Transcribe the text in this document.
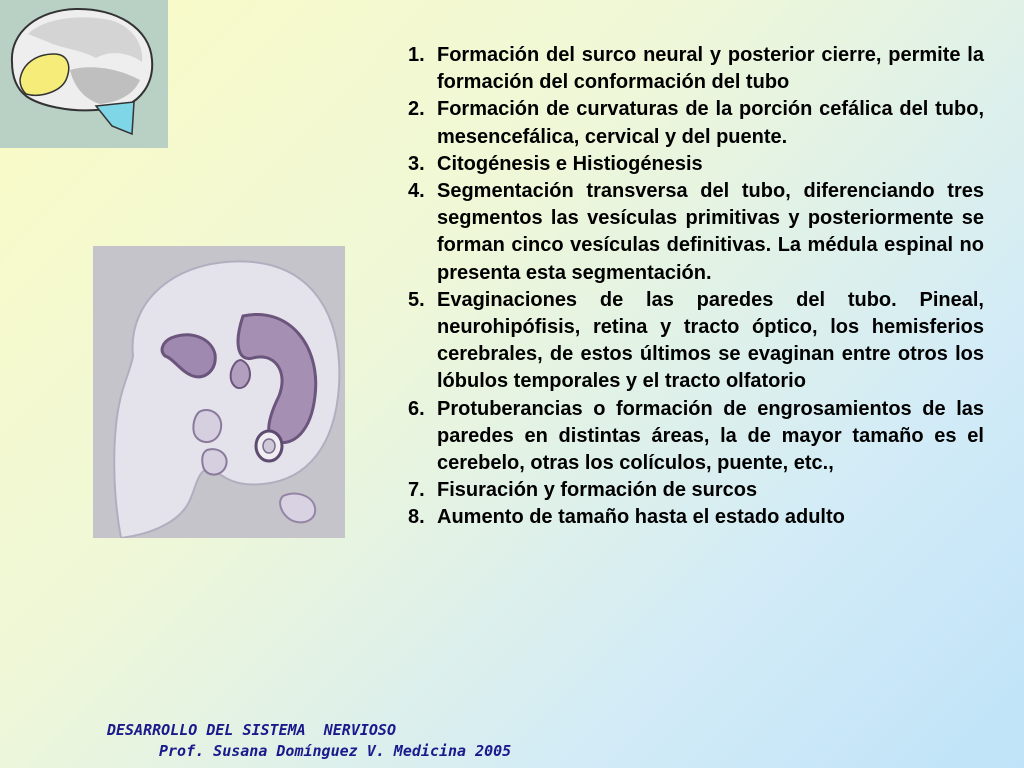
1. Formación del surco neural y posterior cierre, permite la formación del conformación del tubo
2. Formación de curvaturas de la porción cefálica del tubo, mesencefálica, cervical y del puente.
3. Citogénesis e Histiogénesis
4. Segmentación transversa del tubo, diferenciando tres segmentos las vesículas primitivas y posteriormente se forman cinco vesículas definitivas. La médula espinal no presenta esta segmentación.
5. Evaginaciones de las paredes del tubo. Pineal, neurohipófisis, retina y tracto óptico, los hemisferios cerebrales, de estos últimos se evaginan entre otros los lóbulos temporales y el tracto olfatorio
6. Protuberancias o formación de engrosamientos de las paredes en distintas áreas, la de mayor tamaño es el cerebelo, otras los colículos, puente, etc.,
7. Fisuración y formación de surcos
8. Aumento de tamaño hasta el estado adulto
DESARROLLO DEL SISTEMA  NERVIOSO
Prof. Susana Domínguez V. Medicina 2005
